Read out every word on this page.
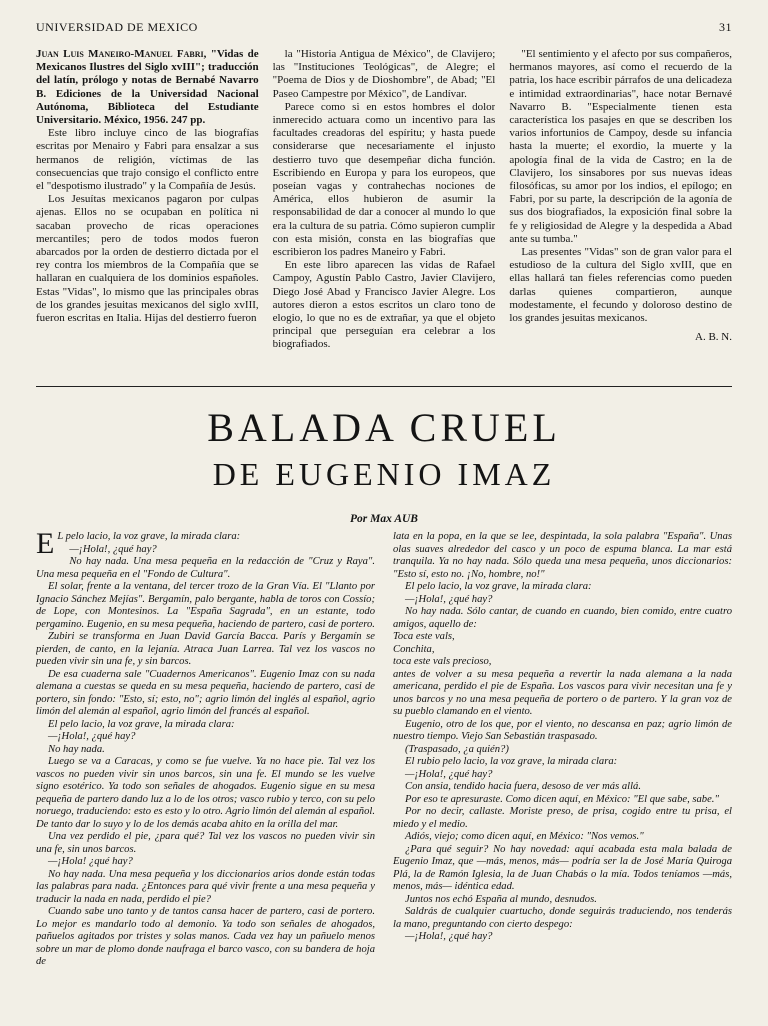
UNIVERSIDAD DE MEXICO	31

Juan Luis Maneiro-Manuel Fabri, "Vidas de Mexicanos Ilustres del Siglo xvIII"; traducción del latín, prólogo y notas de Bernabé Navarro B. Ediciones de la Universidad Nacional Autónoma, Biblioteca del Estudiante Universitario. México, 1956. 247 pp.

Este libro incluye cinco de las biografías escritas por Menairo y Fabri para ensalzar a sus hermanos de religión, víctimas de las consecuencias que trajo consigo el conflicto entre el "despotismo ilustrado" y la Compañía de Jesús.

Los Jesuítas mexicanos pagaron por culpas ajenas. Ellos no se ocupaban en política ni sacaban provecho de ricas operaciones mercantiles; pero de todos modos fueron abarcados por la orden de destierro dictada por el rey contra los miembros de la Compañía que se hallaran en cualquiera de los dominios españoles. Estas "Vidas", lo mismo que las principales obras de los grandes jesuitas mexicanos del siglo xvIII, fueron escritas en Italia. Hijas del destierro fueron

la "Historia Antigua de México", de Clavijero; las "Instituciones Teológicas", de Alegre; el "Poema de Dios y de Dioshombre", de Abad; "El Paseo Campestre por México", de Landívar.

Parece como si en estos hombres el dolor inmerecido actuara como un incentivo para las facultades creadoras del espíritu; y hasta puede considerarse que necesariamente el injusto destierro tuvo que desempeñar dicha función. Escribiendo en Europa y para los europeos, que poseían vagas y contrahechas nociones de América, ellos hubieron de asumir la responsabilidad de dar a conocer al mundo lo que era la cultura de su patria. Cómo supieron cumplir con esta misión, consta en las biografías que escribieron los padres Maneiro y Fabri.

En este libro aparecen las vidas de Rafael Campoy, Agustín Pablo Castro, Javier Clavijero, Diego José Abad y Francisco Javier Alegre. Los autores dieron a estos escritos un claro tono de elogio, lo que no es de extrañar, ya que el objeto principal que perseguían era celebrar a los biografiados.

"El sentimiento y el afecto por sus compañeros, hermanos mayores, así como el recuerdo de la patria, los hace escribir párrafos de una delicadeza e intimidad extraordinarias", hace notar Bernavé Navarro B. "Especialmente tienen esta característica los pasajes en que se describen los varios infortunios de Campoy, desde su infancia hasta la muerte; el exordio, la muerte y la apología final de la vida de Castro; en la de Clavijero, los sinsabores por sus nuevas ideas filosóficas, su amor por los indios, el epílogo; en Fabri, por su parte, la descripción de la agonía de sus dos biografiados, la exposición final sobre la fe y religiosidad de Alegre y la despedida a Abad ante su tumba."

Las presentes "Vidas" son de gran valor para el estudioso de la cultura del Siglo xvIII, que en ellas hallará tan fieles referencias como pueden darlas quienes compartieron, aunque modestamente, el fecundo y doloroso destino de los grandes jesuitas mexicanos.

A. B. N.

BALADA CRUEL
DE EUGENIO IMAZ
Por Max AUB
E L pelo lacio, la voz grave, la mirada clara:

—¡Hola!, ¿qué hay?

No hay nada. Una mesa pequeña en la redacción de "Cruz y Raya". Una mesa pequeña en el "Fondo de Cultura".

El solar, frente a la ventana, del tercer trozo de la Gran Vía. El "Llanto por Ignacio Sánchez Mejías". Bergamín, palo bergante, habla de toros con Cossío; de Lope, con Montesinos. La "España Sagrada", en un estante, todo pergamino. Eugenio, en su mesa pequeña, haciendo de partero, casi de portero.

Zubiri se transforma en Juan David García Bacca. París y Bergamín se pierden, de canto, en la lejanía. Atraca Juan Larrea. Tal vez los vascos no pueden vivir sin una fe, y sin barcos.

De esa cuaderna sale "Cuadernos Americanos". Eugenio Imaz con su nada alemana a cuestas se queda en su mesa pequeña, haciendo de partero, casi de portero, sin fondo: "Esto, sí; esto, no"; agrio limón del inglés al español, agrio limón del alemán al español, agrio limón del francés al español.

El pelo lacio, la voz grave, la mirada clara:

—¡Hola!, ¿qué hay?

No hay nada.

Luego se va a Caracas, y como se fue vuelve. Ya no hace pie. Tal vez los vascos no pueden vivir sin unos barcos, sin una fe. El mundo se les vuelve signo esotérico. Ya todo son señales de ahogados. Eugenio sigue en su mesa pequeña de partero dando luz a lo de los otros; vasco rubio y terco, con su pelo noruego, traduciendo: esto es esto y lo otro. Agrio limón del alemán al español. De tanto dar lo suyo y lo de los demás acaba ahito en la orilla del mar.

Una vez perdido el pie, ¿para qué? Tal vez los vascos no pueden vivir sin una fe, sin unos barcos.

—¡Hola! ¿qué hay?

No hay nada. Una mesa pequeña y los diccionarios arios donde están todas las palabras para nada. ¿Entonces para qué vivir frente a una mesa pequeña y traducir la nada en nada, perdido el pie?

Cuando sabe uno tanto y de tantos cansa hacer de partero, casi de portero. Lo mejor es mandarlo todo al demonio. Ya todo son señales de ahogados, pañuelos agitados por tristes y solas manos. Cada vez hay un pañuelo menos sobre un mar de plomo donde naufraga el barco vasco, con su bandera de hoja de

lata en la popa, en la que se lee, despintada, la sola palabra "España". Unas olas suaves alrededor del casco y un poco de espuma blanca. La mar está tranquila. Ya no hay nada. Sólo queda una mesa pequeña, unos diccionarios: "Esto sí, esto no. ¡No, hombre, no!"

El pelo lacio, la voz grave, la mirada clara:

—¡Hola!, ¿qué hay?

No hay nada. Sólo cantar, de cuando en cuando, bien comido, entre cuatro amigos, aquello de:

Toca este vals,
Conchita,
toca este vals precioso,

antes de volver a su mesa pequeña a revertir la nada alemana a la nada americana, perdido el pie de España. Los vascos para vivir necesitan una fe y unos barcos y no una mesa pequeña de portero o de partero. Y la gran voz de su pueblo clamando en el viento.

Eugenio, otro de los que, por el viento, no descansa en paz; agrio limón de nuestro tiempo. Viejo San Sebastián traspasado.

(Traspasado, ¿a quién?)

El rubio pelo lacio, la voz grave, la mirada clara:

—¡Hola!, ¿qué hay?

Con ansia, tendido hacia fuera, desoso de ver más allá.

Por eso te apresuraste. Como dicen aquí, en México: "El que sabe, sabe."

Por no decir, callaste. Moriste preso, de prisa, cogido entre tu prisa, el miedo y el medio.

Adiós, viejo; como dicen aquí, en México: "Nos vemos."

¿Para qué seguir? No hay novedad: aquí acabada esta mala balada de Eugenio Imaz, que —más, menos, más— podría ser la de José María Quiroga Plá, la de Ramón Iglesia, la de Juan Chabás o la mía. Todos teníamos —más, menos, más— idéntica edad.

Juntos nos echó España al mundo, desnudos.

Saldrás de cualquier cuartucho, donde seguirás traduciendo, nos tenderás la mano, preguntando con cierto despego:

—¡Hola!, ¿qué hay?
